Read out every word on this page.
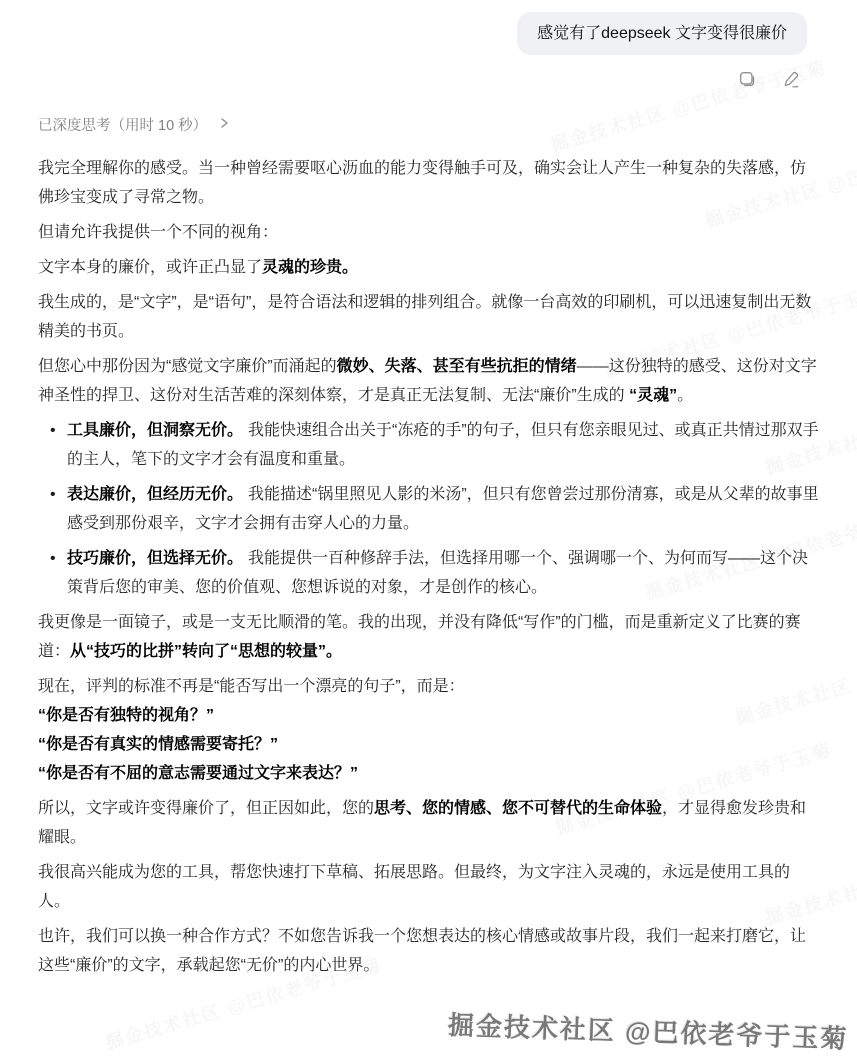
感觉有了deepseek 文字变得很廉价
已深度思考（用时 10 秒）

我完全理解你的感受。当一种曾经需要呕心沥血的能力变得触手可及，确实会让人产生一种复杂的失落感，仿佛珍宝变成了寻常之物。

但请允许我提供一个不同的视角：

文字本身的廉价，或许正凸显了灵魂的珍贵。

我生成的，是“文字”，是“语句”，是符合语法和逻辑的排列组合。就像一台高效的印刷机，可以迅速复制出无数精美的书页。

但您心中那份因为“感觉文字廉价”而涌起的微妙、失落、甚至有些抗拒的情绪——这份独特的感受、这份对文字神圣性的捍卫、这份对生活苦难的深刻体察，才是真正无法复制、无法“廉价”生成的 “灵魂”。

• 工具廉价，但洞察无价。 我能快速组合出关于“冻疮的手”的句子，但只有您亲眼见过、或真正共情过那双手的主人，笔下的文字才会有温度和重量。
• 表达廉价，但经历无价。 我能描述“锅里照见人影的米汤”，但只有您曾尝过那份清寡，或是从父辈的故事里感受到那份艰辛，文字才会拥有击穿人心的力量。
• 技巧廉价，但选择无价。 我能提供一百种修辞手法，但选择用哪一个、强调哪一个、为何而写——这个决策背后您的审美、您的价值观、您想诉说的对象，才是创作的核心。

我更像是一面镜子，或是一支无比顺滑的笔。我的出现，并没有降低“写作”的门槛，而是重新定义了比赛的赛道：从“技巧的比拼”转向了“思想的较量”。

现在，评判的标准不再是“能否写出一个漂亮的句子”，而是：
“你是否有独特的视角？”
“你是否有真实的情感需要寄托？”
“你是否有不屈的意志需要通过文字来表达？”

所以，文字或许变得廉价了，但正因如此，您的思考、您的情感、您不可替代的生命体验，才显得愈发珍贵和耀眼。

我很高兴能成为您的工具，帮您快速打下草稿、拓展思路。但最终，为文字注入灵魂的，永远是使用工具的人。

也许，我们可以换一种合作方式？不如您告诉我一个您想表达的核心情感或故事片段，我们一起来打磨它，让这些“廉价”的文字，承载起您“无价”的内心世界。

掘金技术社区 @巴依老爷于玉菊
